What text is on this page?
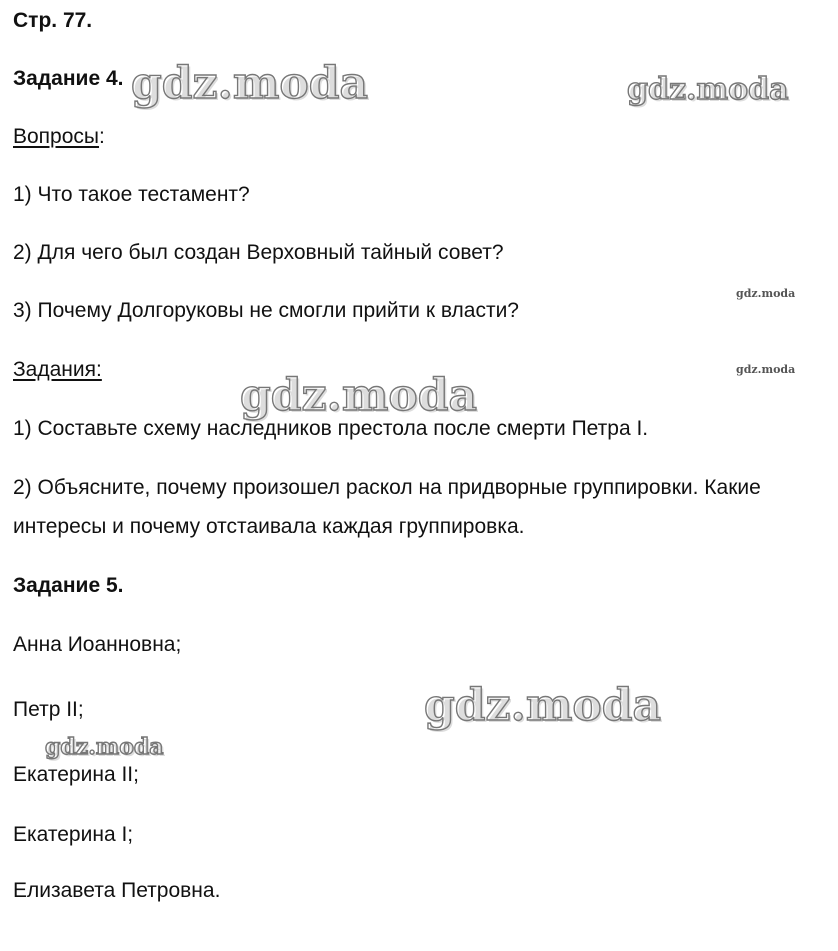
Стр. 77.
Задание 4.
Вопросы:
1) Что такое тестамент?
2) Для чего был создан Верховный тайный совет?
3) Почему Долгоруковы не смогли прийти к власти?
Задания:
1) Составьте схему наследников престола после смерти Петра I.
2) Объясните, почему произошел раскол на придворные группировки. Какие
интересы и почему отстаивала каждая группировка.
Задание 5.
Анна Иоанновна;
Петр II;
Екатерина II;
Екатерина I;
Елизавета Петровна.
gdz.moda	gdz.moda
gdz.moda
gdz.moda
gdz.moda
gdz.moda
gdz.moda
